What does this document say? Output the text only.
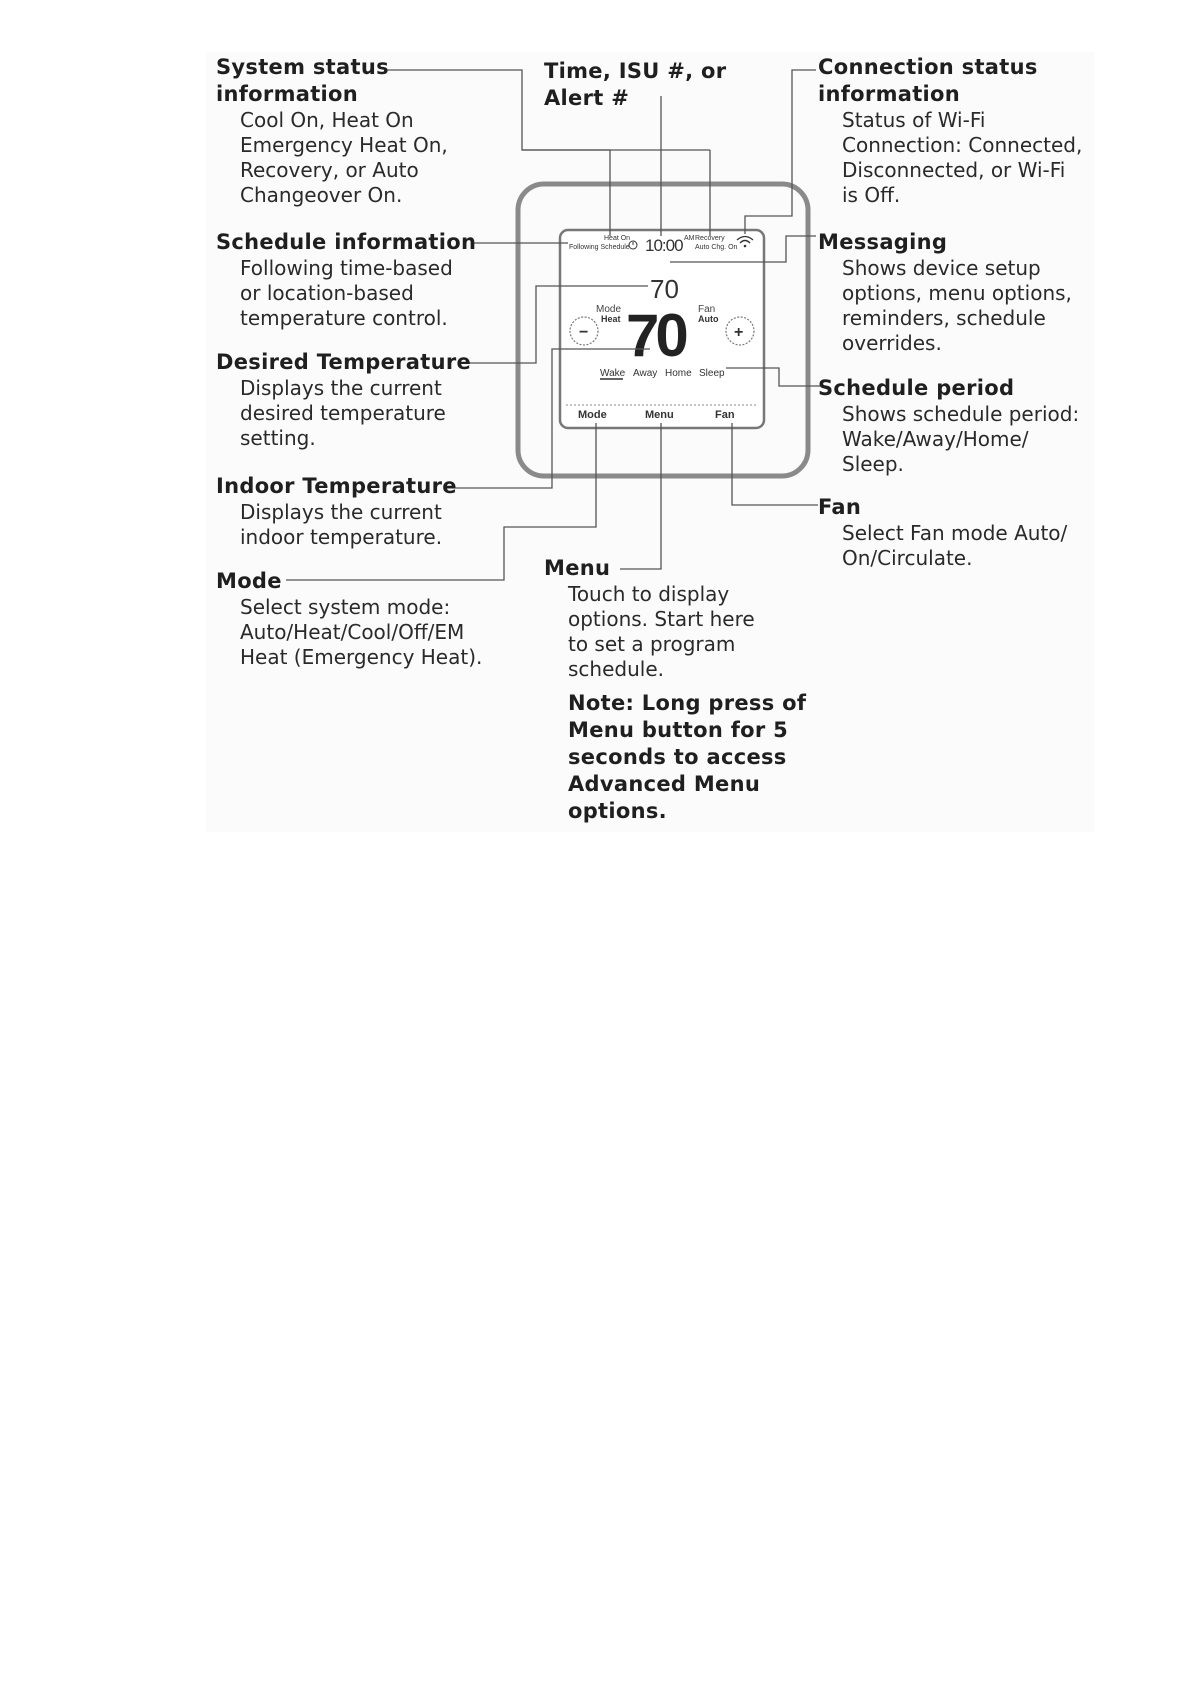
Heat On
Following Schedule 10:00 AM Recovery
Auto Chg. On
70
Mode
Heat
Fan
Auto
70
−	+
Wake Away Home Sleep
Mode	Menu	Fan
System status
information
Cool On, Heat On
Emergency Heat On,
Recovery, or Auto
Changeover On.
Time, ISU #, or
Alert #
Connection status
information
Status of Wi-Fi
Connection: Connected,
Disconnected, or Wi-Fi
is Off.
Schedule information
Following time-based
or location-based
temperature control.
Messaging
Shows device setup
options, menu options,
reminders, schedule
overrides.
Desired Temperature
Displays the current
desired temperature
setting.
Schedule period
Shows schedule period:
Wake/Away/Home/
Sleep.
Indoor Temperature
Displays the current
indoor temperature.
Fan
Select Fan mode Auto/
On/Circulate.
Mode
Select system mode:
Auto/Heat/Cool/Off/EM
Heat (Emergency Heat).
Menu
Touch to display
options. Start here
to set a program
schedule.
Note: Long press of
Menu button for 5
seconds to access
Advanced Menu
options.
